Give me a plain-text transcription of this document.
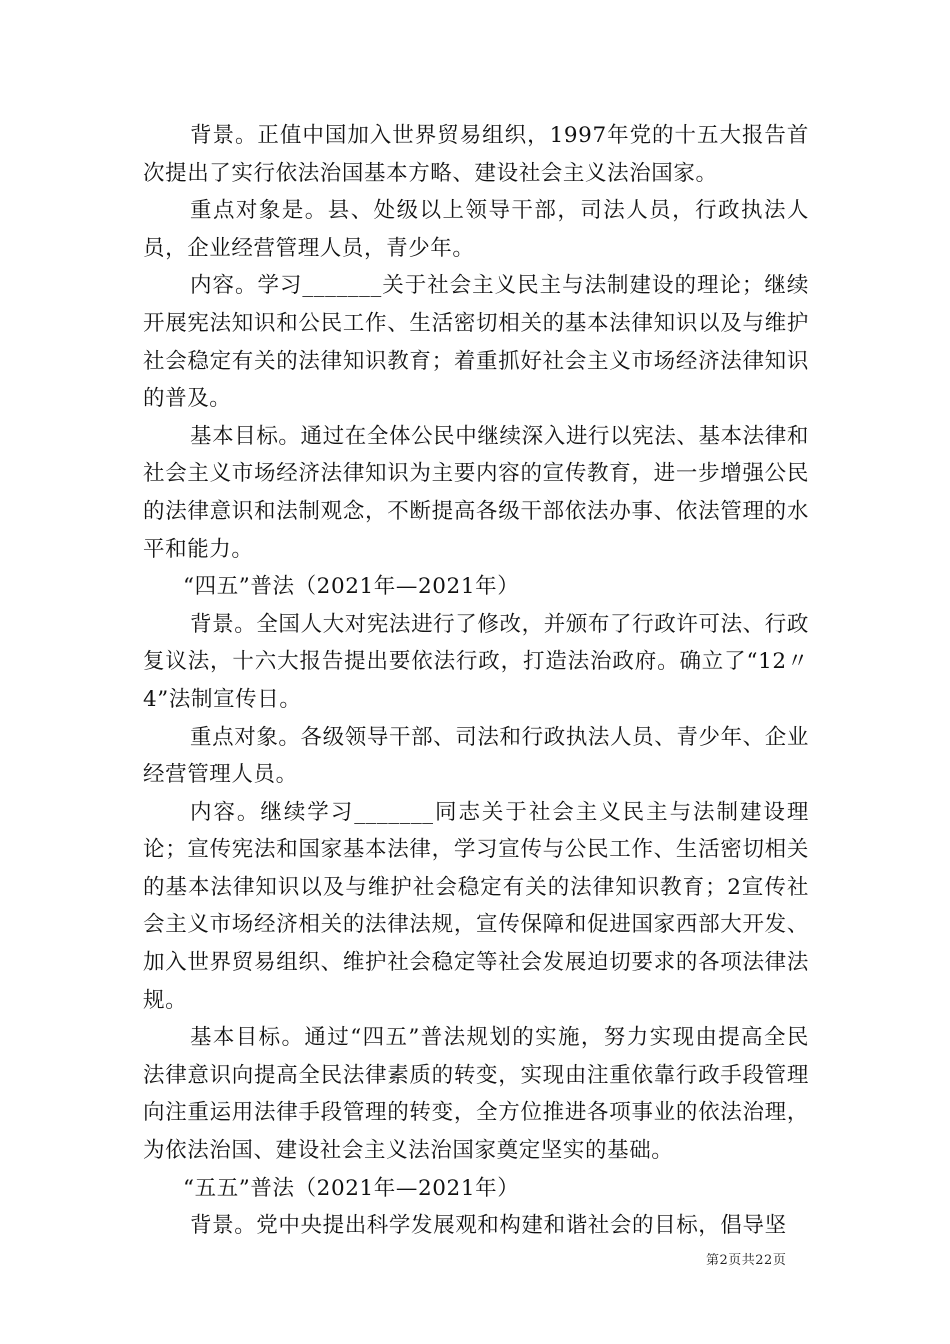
背景。正值中国加入世界贸易组织，1997年党的十五大报告首次提出了实行依法治国基本方略、建设社会主义法治国家。

重点对象是。县、处级以上领导干部，司法人员，行政执法人员，企业经营管理人员，青少年。

内容。学习_______关于社会主义民主与法制建设的理论；继续开展宪法知识和公民工作、生活密切相关的基本法律知识以及与维护社会稳定有关的法律知识教育；着重抓好社会主义市场经济法律知识的普及。

基本目标。通过在全体公民中继续深入进行以宪法、基本法律和社会主义市场经济法律知识为主要内容的宣传教育，进一步增强公民的法律意识和法制观念，不断提高各级干部依法办事、依法管理的水平和能力。

“四五”普法（2021年—2021年）

背景。全国人大对宪法进行了修改，并颁布了行政许可法、行政复议法，十六大报告提出要依法行政，打造法治政府。确立了“12〃4”法制宣传日。

重点对象。各级领导干部、司法和行政执法人员、青少年、企业经营管理人员。

内容。继续学习_______同志关于社会主义民主与法制建设理论；宣传宪法和国家基本法律，学习宣传与公民工作、生活密切相关的基本法律知识以及与维护社会稳定有关的法律知识教育；2宣传社会主义市场经济相关的法律法规，宣传保障和促进国家西部大开发、加入世界贸易组织、维护社会稳定等社会发展迫切要求的各项法律法规。

基本目标。通过“四五”普法规划的实施，努力实现由提高全民法律意识向提高全民法律素质的转变，实现由注重依靠行政手段管理向注重运用法律手段管理的转变，全方位推进各项事业的依法治理，为依法治国、建设社会主义法治国家奠定坚实的基础。

“五五”普法（2021年—2021年）

背景。党中央提出科学发展观和构建和谐社会的目标，倡导坚

第2页共22页
